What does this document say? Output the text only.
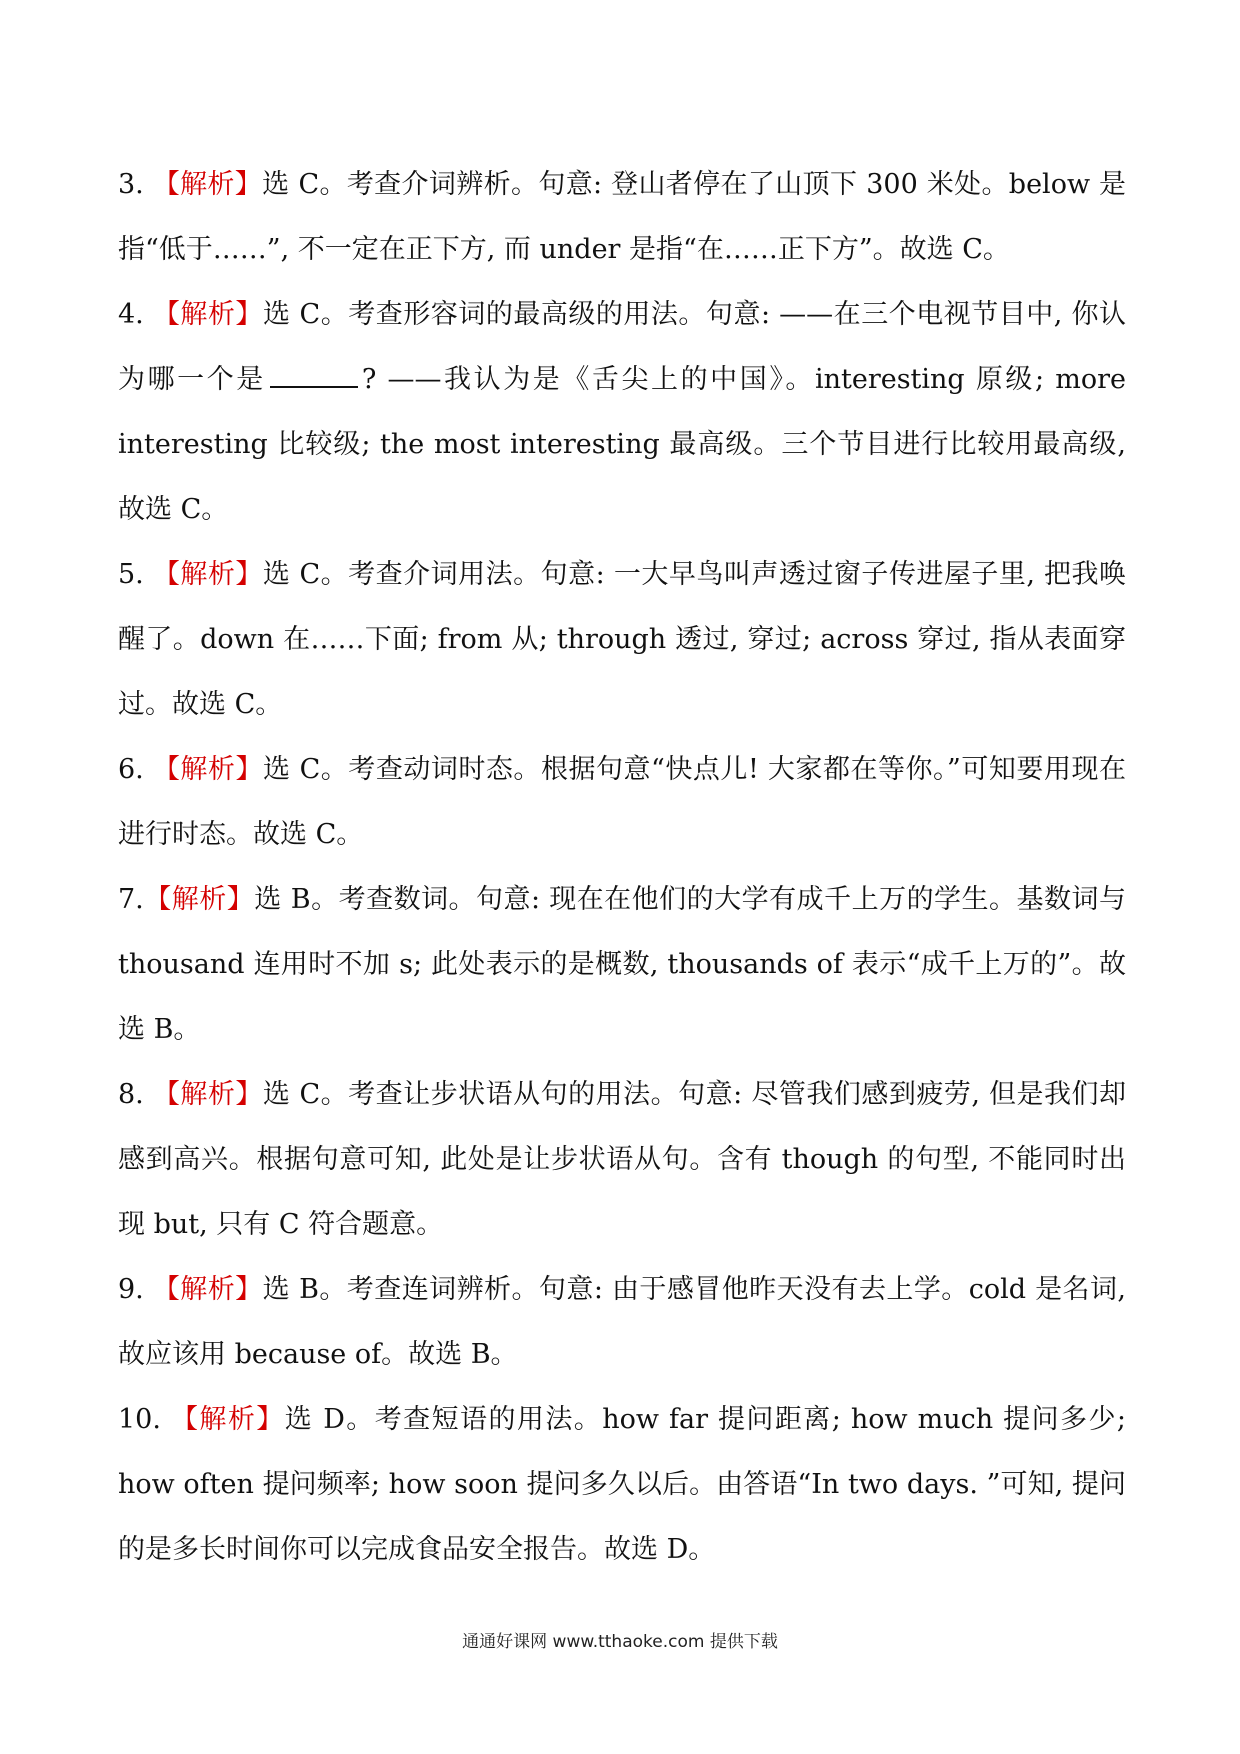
3. 【解析】选 C。考查介词辨析。句意: 登山者停在了山顶下 300 米处。below 是指“低于……”, 不一定在正下方, 而 under 是指“在……正下方”。故选 C。

4. 【解析】选 C。考查形容词的最高级的用法。句意: ——在三个电视节目中, 你认为哪一个是	? ——我认为是《舌尖上的中国》。interesting 原级; more interesting 比较级; the most interesting 最高级。三个节目进行比较用最高级, 故选 C。

5. 【解析】选 C。考查介词用法。句意: 一大早鸟叫声透过窗子传进屋子里, 把我唤醒了。down 在……下面; from 从; through 透过, 穿过; across 穿过, 指从表面穿过。故选 C。

6. 【解析】选 C。考查动词时态。根据句意“快点儿! 大家都在等你。”可知要用现在进行时态。故选 C。

7.【解析】选 B。考查数词。句意: 现在在他们的大学有成千上万的学生。基数词与 thousand 连用时不加 s; 此处表示的是概数, thousands of 表示“成千上万的”。故选 B。

8. 【解析】选 C。考查让步状语从句的用法。句意: 尽管我们感到疲劳, 但是我们却感到高兴。根据句意可知, 此处是让步状语从句。含有 though 的句型, 不能同时出现 but, 只有 C 符合题意。

9. 【解析】选 B。考查连词辨析。句意: 由于感冒他昨天没有去上学。cold 是名词, 故应该用 because of。故选 B。

10. 【解析】选 D。考查短语的用法。how far 提问距离; how much 提问多少; how often 提问频率; how soon 提问多久以后。由答语“In two days. ”可知, 提问的是多长时间你可以完成食品安全报告。故选 D。

通通好课网 www.tthaoke.com 提供下载
